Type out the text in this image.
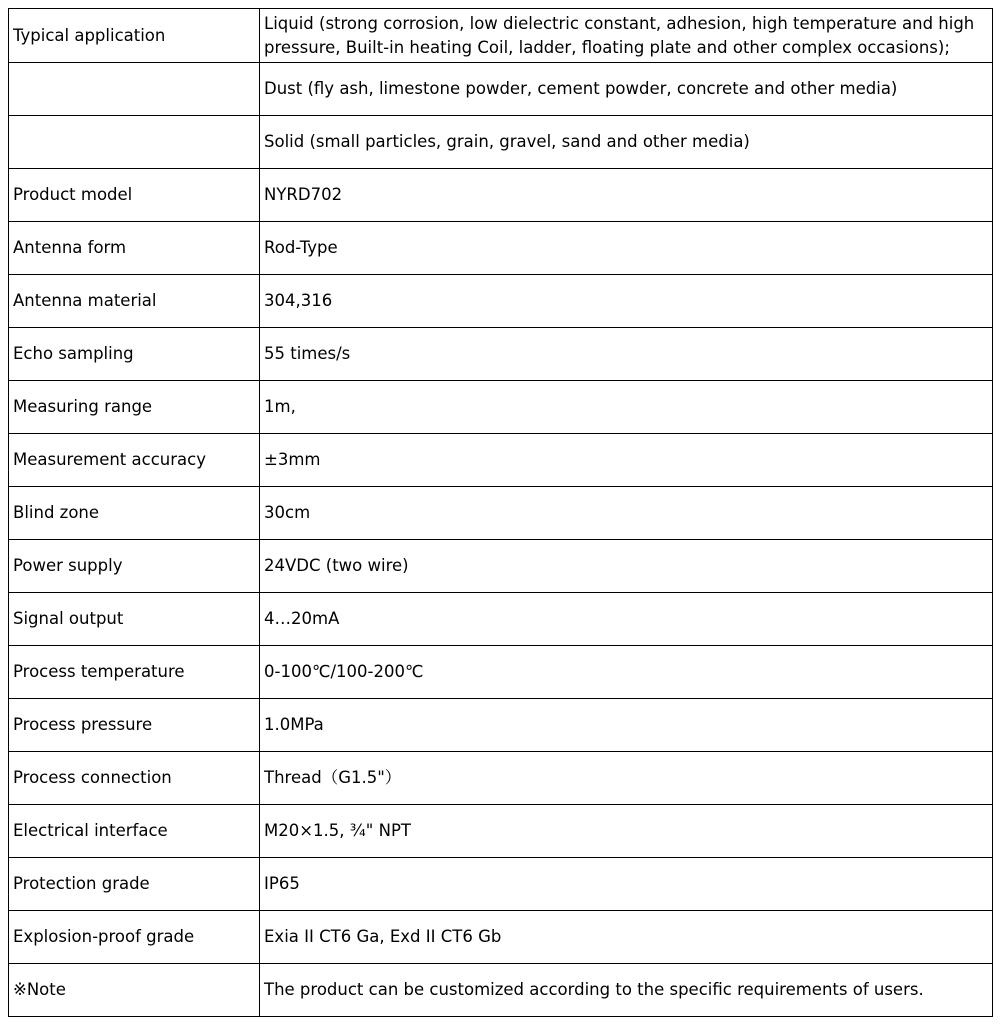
Typical application	Liquid (strong corrosion, low dielectric constant, adhesion, high temperature and high pressure, Built-in heating Coil, ladder, floating plate and other complex occasions);
	Dust (fly ash, limestone powder, cement powder, concrete and other media)
	Solid (small particles, grain, gravel, sand and other media)
Product model	NYRD702
Antenna form	Rod-Type
Antenna material	304,316
Echo sampling	55 times/s
Measuring range	1m,
Measurement accuracy	±3mm
Blind zone	30cm
Power supply	24VDC (two wire)
Signal output	4…20mA
Process temperature	0-100℃/100-200℃
Process pressure	1.0MPa
Process connection	Thread（G1.5"）
Electrical interface	M20×1.5, ¾" NPT
Protection grade	IP65
Explosion-proof grade	Exia II CT6 Ga, Exd II CT6 Gb
※Note	The product can be customized according to the specific requirements of users.
